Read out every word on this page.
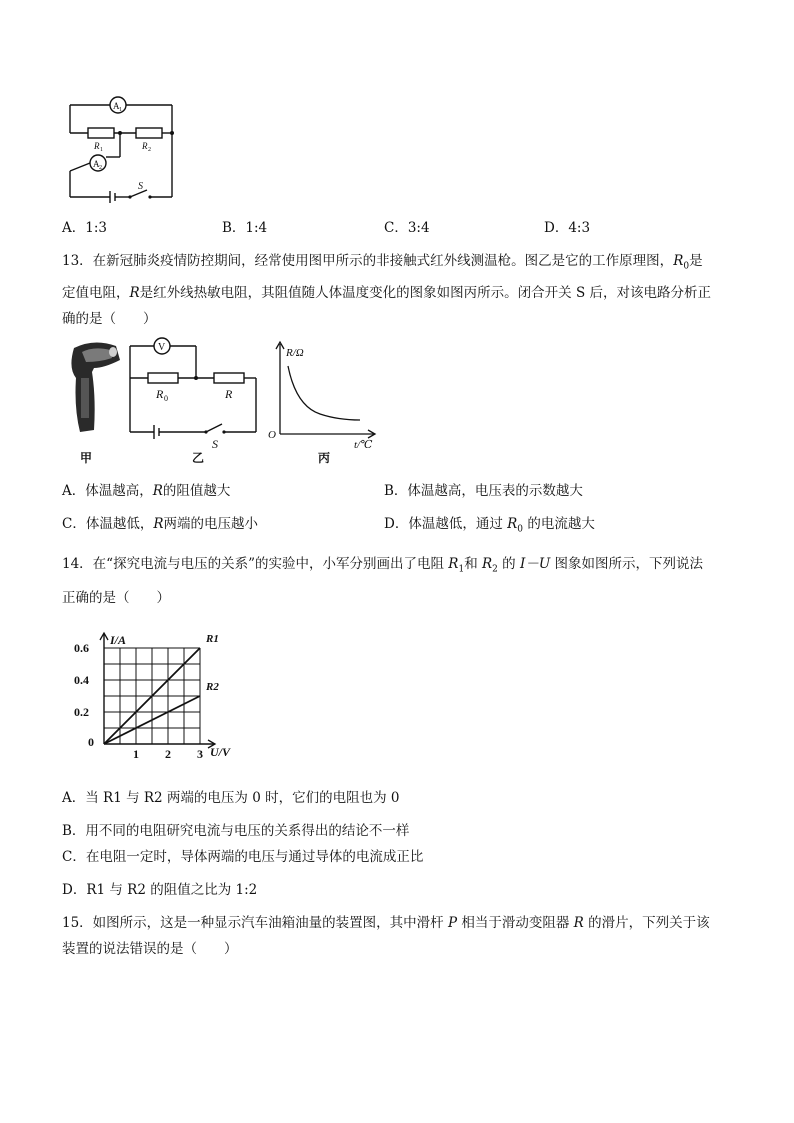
A 1
A 2
R 1	R 2
S
A．1:3	B．1:4	C．3:4	D．4:3
13．在新冠肺炎疫情防控期间，经常使用图甲所示的非接触式红外线测温枪。图乙是它的工作原理图，$R_0$是
定值电阻，R是红外线热敏电阻，其阻值随人体温度变化的图象如图丙所示。闭合开关 S 后，对该电路分析正
确的是（　　）
甲
V
R 0	R
S
乙
R/Ω
O
t/℃
丙
A．体温越高，R的阻值越大	B．体温越高，电压表的示数越大
C．体温越低，R两端的电压越小	D．体温越低，通过 $R_0$ 的电流越大
14．在“探究电流与电压的关系”的实验中，小军分别画出了电阻 $R_1$和 $R_2$ 的 I－U 图象如图所示，下列说法
正确的是（　　）
I/A
U/V
0
1 2 3
0.2
0.4
0.6
R1
R2
A．当 R1 与 R2 两端的电压为 0 时，它们的电阻也为 0
B．用不同的电阻研究电流与电压的关系得出的结论不一样
C．在电阻一定时，导体两端的电压与通过导体的电流成正比
D．R1 与 R2 的阻值之比为 1:2
15．如图所示，这是一种显示汽车油箱油量的装置图，其中滑杆 P 相当于滑动变阻器 R 的滑片，下列关于该
装置的说法错误的是（　　）
